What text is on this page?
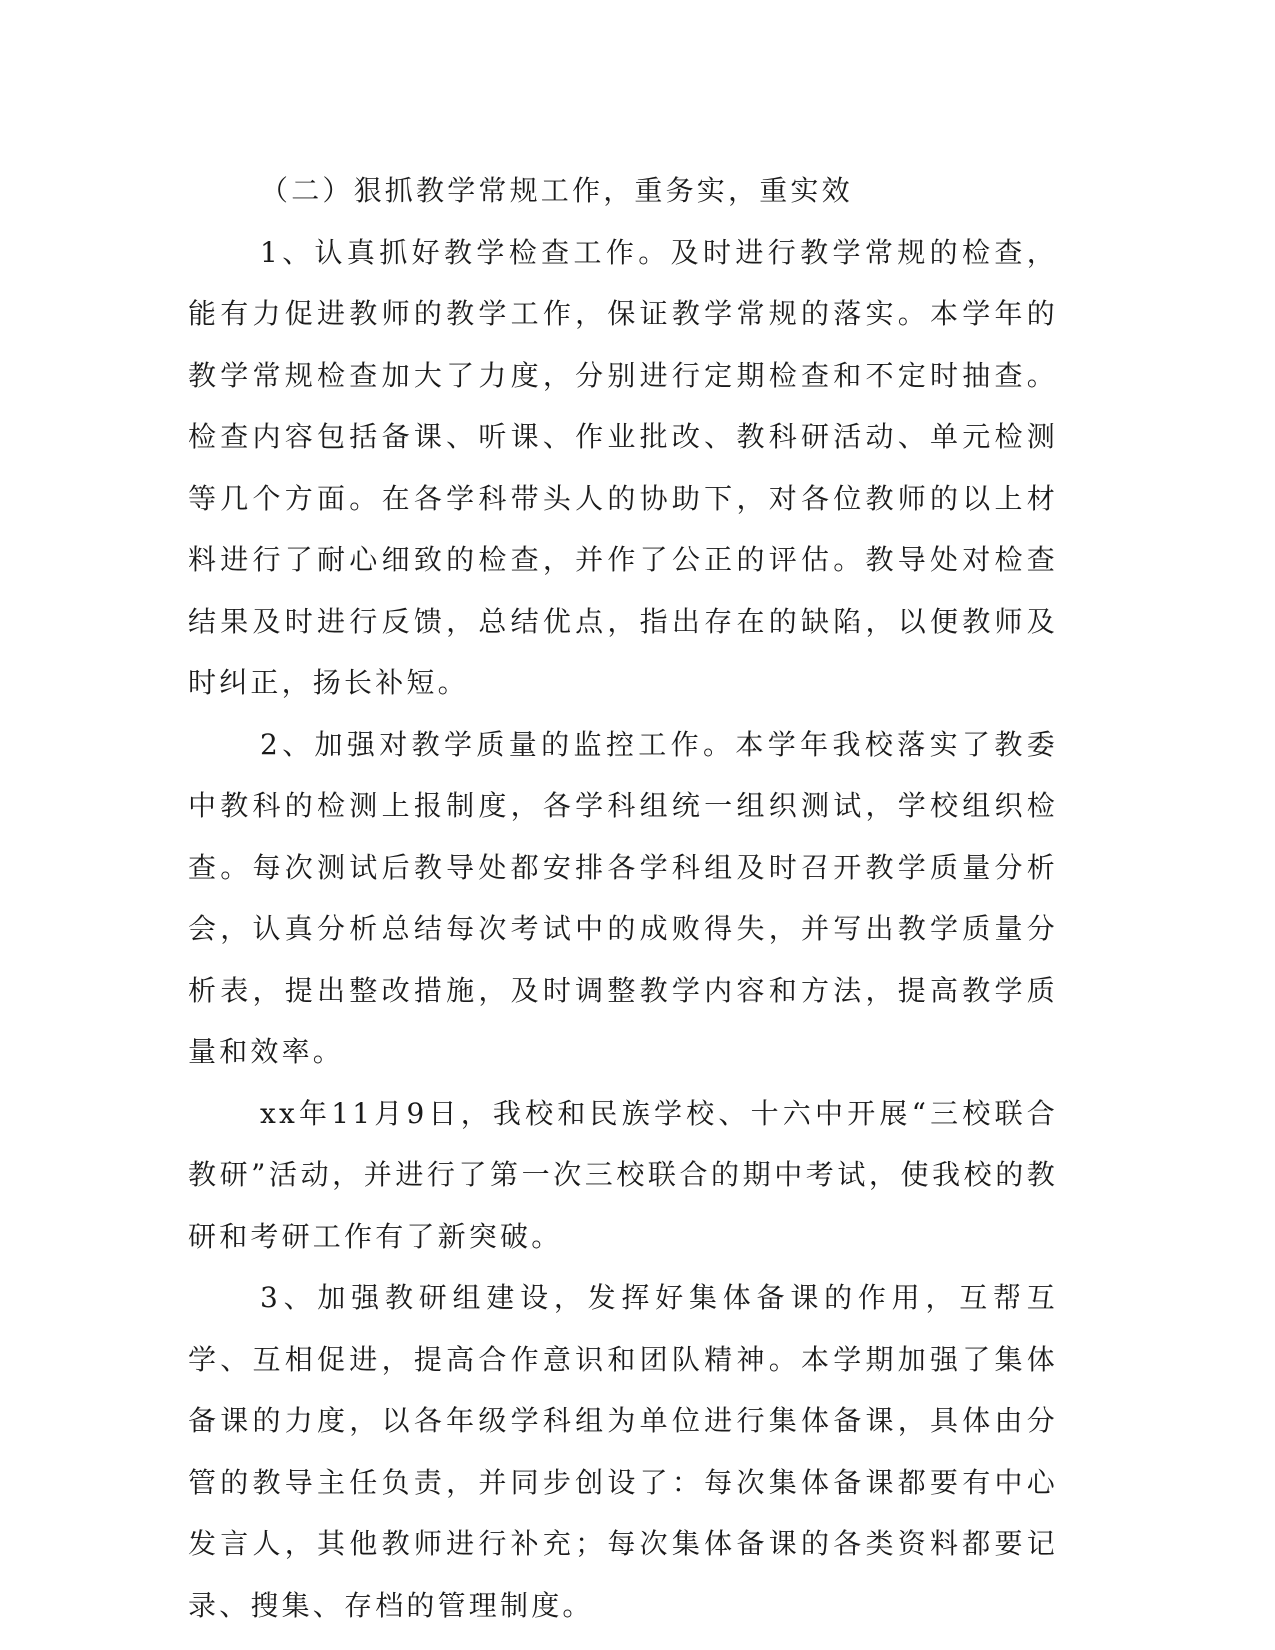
（二）狠抓教学常规工作，重务实，重实效

1、认真抓好教学检查工作。及时进行教学常规的检查，能有力促进教师的教学工作，保证教学常规的落实。本学年的教学常规检查加大了力度，分别进行定期检查和不定时抽查。检查内容包括备课、听课、作业批改、教科研活动、单元检测等几个方面。在各学科带头人的协助下，对各位教师的以上材料进行了耐心细致的检查，并作了公正的评估。教导处对检查结果及时进行反馈，总结优点，指出存在的缺陷，以便教师及时纠正，扬长补短。

2、加强对教学质量的监控工作。本学年我校落实了教委中教科的检测上报制度，各学科组统一组织测试，学校组织检查。每次测试后教导处都安排各学科组及时召开教学质量分析会，认真分析总结每次考试中的成败得失，并写出教学质量分析表，提出整改措施，及时调整教学内容和方法，提高教学质量和效率。

xx年11月9日，我校和民族学校、十六中开展“三校联合教研”活动，并进行了第一次三校联合的期中考试，使我校的教研和考研工作有了新突破。

3、加强教研组建设，发挥好集体备课的作用，互帮互学、互相促进，提高合作意识和团队精神。本学期加强了集体备课的力度，以各年级学科组为单位进行集体备课，具体由分管的教导主任负责，并同步创设了：每次集体备课都要有中心发言人，其他教师进行补充；每次集体备课的各类资料都要记录、搜集、存档的管理制度。
